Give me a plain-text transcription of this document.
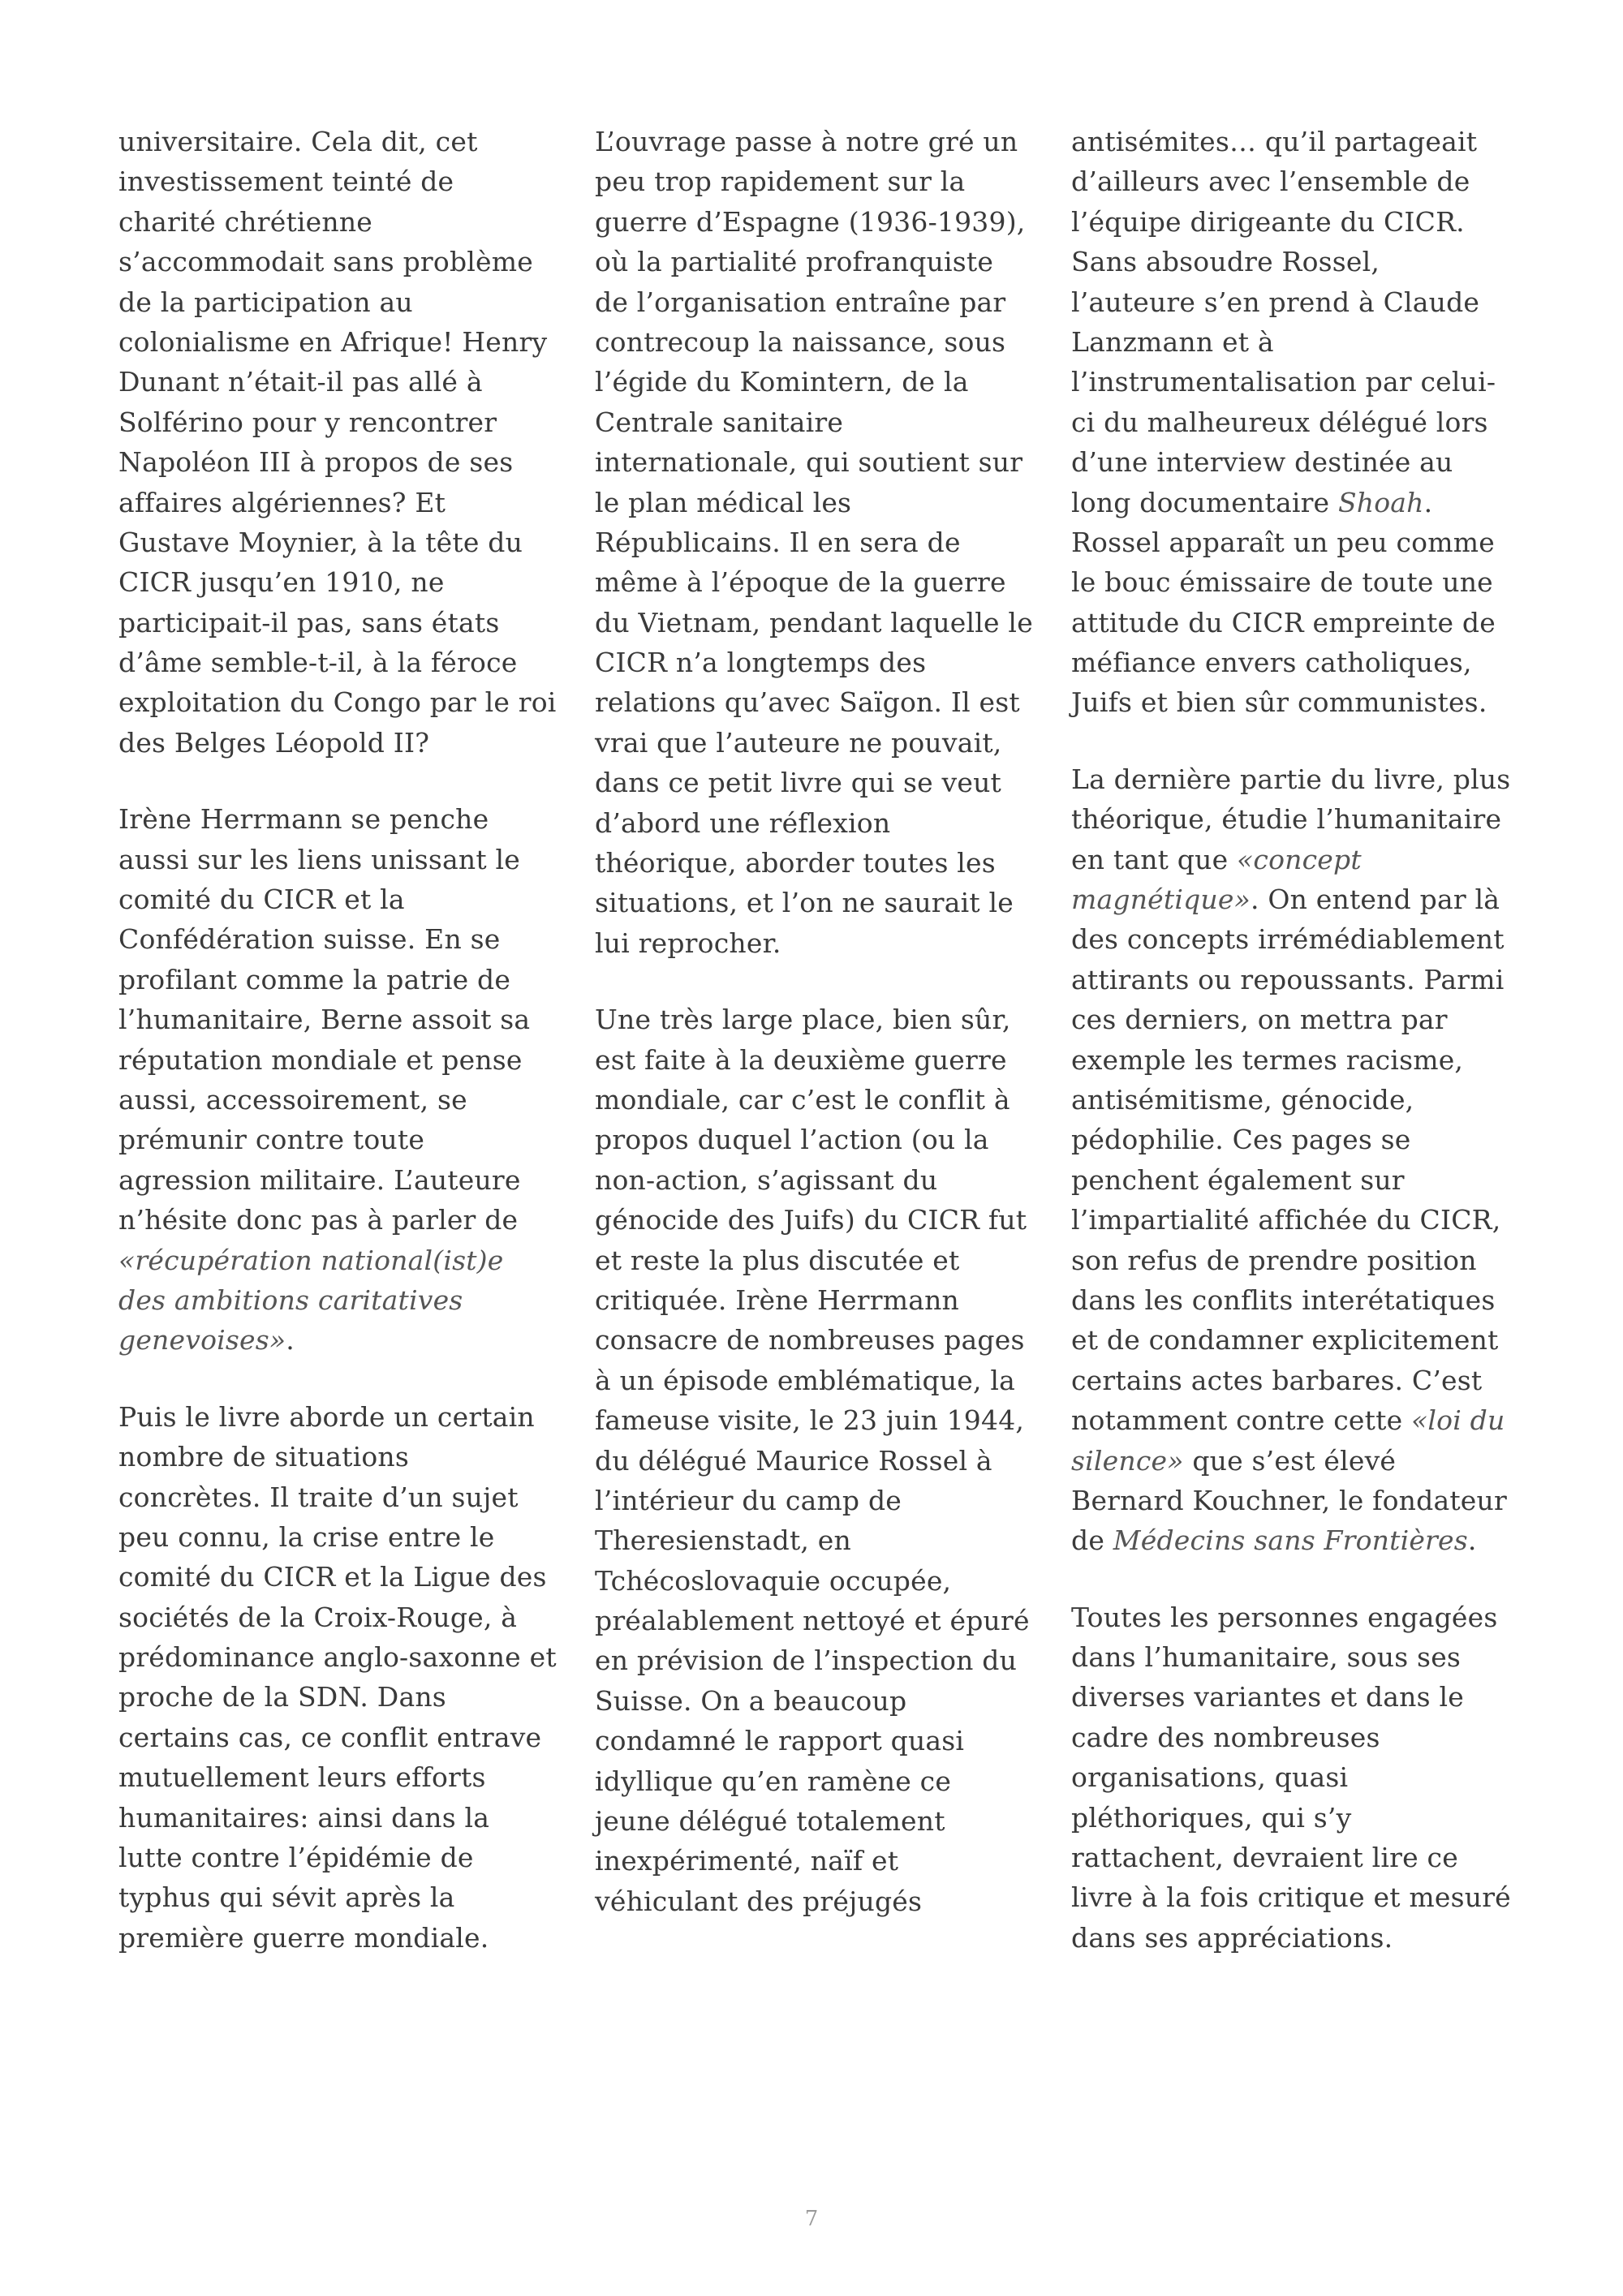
universitaire. Cela dit, cet
investissement teinté de
charité chrétienne
s’accommodait sans problème
de la participation au
colonialisme en Afrique! Henry
Dunant n’était-il pas allé à
Solférino pour y rencontrer
Napoléon III à propos de ses
affaires algériennes? Et
Gustave Moynier, à la tête du
CICR jusqu’en 1910, ne
participait-il pas, sans états
d’âme semble-t-il, à la féroce
exploitation du Congo par le roi
des Belges Léopold II?
Irène Herrmann se penche
aussi sur les liens unissant le
comité du CICR et la
Confédération suisse. En se
profilant comme la patrie de
l’humanitaire, Berne assoit sa
réputation mondiale et pense
aussi, accessoirement, se
prémunir contre toute
agression militaire. L’auteure
n’hésite donc pas à parler de
«récupération national(ist)e
des ambitions caritatives
genevoises».
Puis le livre aborde un certain
nombre de situations
concrètes. Il traite d’un sujet
peu connu, la crise entre le
comité du CICR et la Ligue des
sociétés de la Croix-Rouge, à
prédominance anglo-saxonne et
proche de la SDN. Dans
certains cas, ce conflit entrave
mutuellement leurs efforts
humanitaires: ainsi dans la
lutte contre l’épidémie de
typhus qui sévit après la
première guerre mondiale.
L’ouvrage passe à notre gré un
peu trop rapidement sur la
guerre d’Espagne (1936-1939),
où la partialité profranquiste
de l’organisation entraîne par
contrecoup la naissance, sous
l’égide du Komintern, de la
Centrale sanitaire
internationale, qui soutient sur
le plan médical les
Républicains. Il en sera de
même à l’époque de la guerre
du Vietnam, pendant laquelle le
CICR n’a longtemps des
relations qu’avec Saïgon. Il est
vrai que l’auteure ne pouvait,
dans ce petit livre qui se veut
d’abord une réflexion
théorique, aborder toutes les
situations, et l’on ne saurait le
lui reprocher.
Une très large place, bien sûr,
est faite à la deuxième guerre
mondiale, car c’est le conflit à
propos duquel l’action (ou la
non-action, s’agissant du
génocide des Juifs) du CICR fut
et reste la plus discutée et
critiquée. Irène Herrmann
consacre de nombreuses pages
à un épisode emblématique, la
fameuse visite, le 23 juin 1944,
du délégué Maurice Rossel à
l’intérieur du camp de
Theresienstadt, en
Tchécoslovaquie occupée,
préalablement nettoyé et épuré
en prévision de l’inspection du
Suisse. On a beaucoup
condamné le rapport quasi
idyllique qu’en ramène ce
jeune délégué totalement
inexpérimenté, naïf et
véhiculant des préjugés
antisémites… qu’il partageait
d’ailleurs avec l’ensemble de
l’équipe dirigeante du CICR.
Sans absoudre Rossel,
l’auteure s’en prend à Claude
Lanzmann et à
l’instrumentalisation par celui-
ci du malheureux délégué lors
d’une interview destinée au
long documentaire Shoah.
Rossel apparaît un peu comme
le bouc émissaire de toute une
attitude du CICR empreinte de
méfiance envers catholiques,
Juifs et bien sûr communistes.
La dernière partie du livre, plus
théorique, étudie l’humanitaire
en tant que «concept
magnétique». On entend par là
des concepts irrémédiablement
attirants ou repoussants. Parmi
ces derniers, on mettra par
exemple les termes racisme,
antisémitisme, génocide,
pédophilie. Ces pages se
penchent également sur
l’impartialité affichée du CICR,
son refus de prendre position
dans les conflits interétatiques
et de condamner explicitement
certains actes barbares. C’est
notamment contre cette «loi du
silence» que s’est élevé
Bernard Kouchner, le fondateur
de Médecins sans Frontières.
Toutes les personnes engagées
dans l’humanitaire, sous ses
diverses variantes et dans le
cadre des nombreuses
organisations, quasi
pléthoriques, qui s’y
rattachent, devraient lire ce
livre à la fois critique et mesuré
dans ses appréciations.
7
